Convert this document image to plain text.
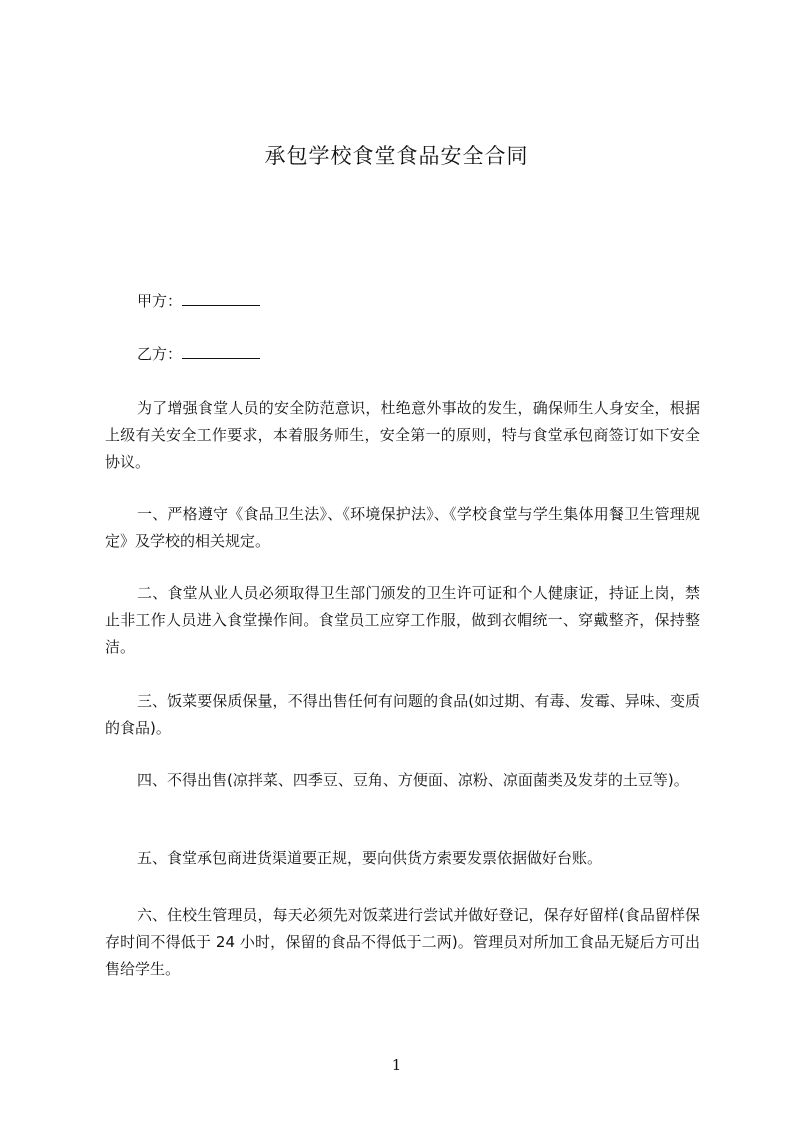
承包学校食堂食品安全合同
甲方：
乙方：
为了增强食堂人员的安全防范意识，杜绝意外事故的发生，确保师生人身安全，根据上级有关安全工作要求，本着服务师生，安全第一的原则，特与食堂承包商签订如下安全协议。
一、严格遵守《食品卫生法》、《环境保护法》、《学校食堂与学生集体用餐卫生管理规定》及学校的相关规定。
二、食堂从业人员必须取得卫生部门颁发的卫生许可证和个人健康证，持证上岗，禁止非工作人员进入食堂操作间。食堂员工应穿工作服，做到衣帽统一、穿戴整齐，保持整洁。
三、饭菜要保质保量，不得出售任何有问题的食品(如过期、有毒、发霉、异味、变质的食品)。
四、不得出售(凉拌菜、四季豆、豆角、方便面、凉粉、凉面菌类及发芽的土豆等)。
五、食堂承包商进货渠道要正规，要向供货方索要发票依据做好台账。
六、住校生管理员，每天必须先对饭菜进行尝试并做好登记，保存好留样(食品留样保存时间不得低于 24 小时，保留的食品不得低于二两)。管理员对所加工食品无疑后方可出售给学生。
1
